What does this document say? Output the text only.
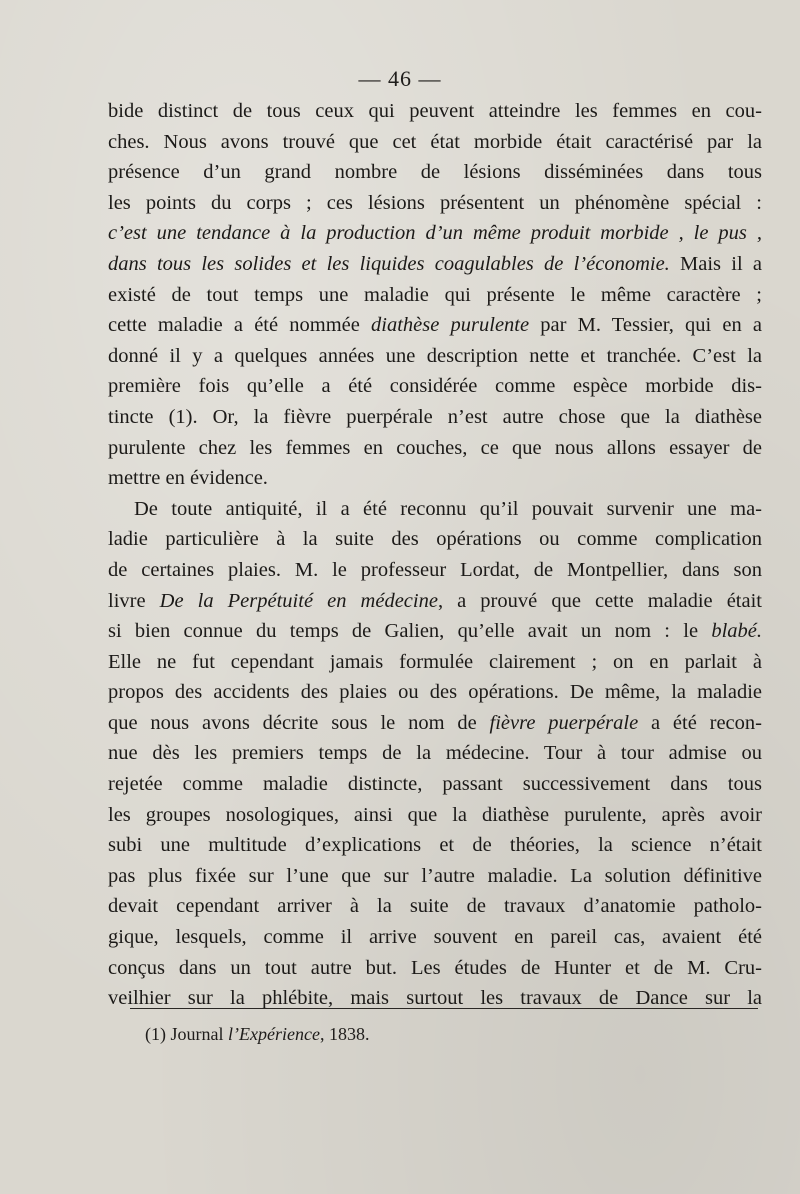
— 46 —
bide distinct de tous ceux qui peuvent atteindre les femmes en cou-
ches. Nous avons trouvé que cet état morbide était caractérisé par la
présence d’un grand nombre de lésions disséminées dans tous
les points du corps ; ces lésions présentent un phénomène spécial :
c’est une tendance à la production d’un même produit morbide , le pus ,
dans tous les solides et les liquides coagulables de l’économie. Mais il a
existé de tout temps une maladie qui présente le même caractère ;
cette maladie a été nommée diathèse purulente par M. Tessier, qui en a
donné il y a quelques années une description nette et tranchée. C’est la
première fois qu’elle a été considérée comme espèce morbide dis-
tincte (1). Or, la fièvre puerpérale n’est autre chose que la diathèse
purulente chez les femmes en couches, ce que nous allons essayer de
mettre en évidence.
De toute antiquité, il a été reconnu qu’il pouvait survenir une ma-
ladie particulière à la suite des opérations ou comme complication
de certaines plaies. M. le professeur Lordat, de Montpellier, dans son
livre De la Perpétuité en médecine, a prouvé que cette maladie était
si bien connue du temps de Galien, qu’elle avait un nom : le blabé.
Elle ne fut cependant jamais formulée clairement ; on en parlait à
propos des accidents des plaies ou des opérations. De même, la maladie
que nous avons décrite sous le nom de fièvre puerpérale a été recon-
nue dès les premiers temps de la médecine. Tour à tour admise ou
rejetée comme maladie distincte, passant successivement dans tous
les groupes nosologiques, ainsi que la diathèse purulente, après avoir
subi une multitude d’explications et de théories, la science n’était
pas plus fixée sur l’une que sur l’autre maladie. La solution définitive
devait cependant arriver à la suite de travaux d’anatomie patholo-
gique, lesquels, comme il arrive souvent en pareil cas, avaient été
conçus dans un tout autre but. Les études de Hunter et de M. Cru-
veilhier sur la phlébite, mais surtout les travaux de Dance sur la
(1) Journal l’Expérience, 1838.
